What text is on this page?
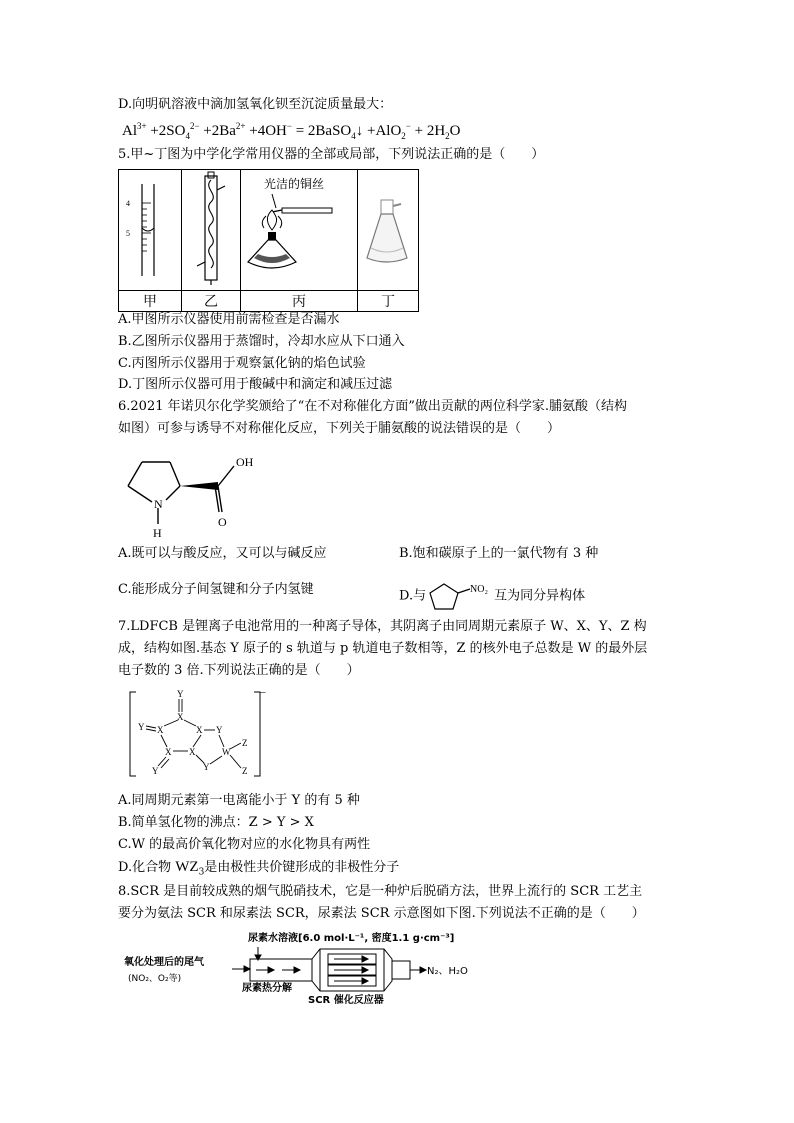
D.向明矾溶液中滴加氢氧化钡至沉淀质量最大：
$Al^{3+} +2SO_4^{2-} +2Ba^{2+} +4OH^-$ = 2BaSO$_4$↓ $+AlO_2^- + 2H_2O$
5.甲~丁图为中学化学常用仪器的全部或局部，下列说法正确的是（　　）
4
5		光洁的铜丝

甲	乙	丙	丁
A.甲图所示仪器使用前需检查是否漏水
B.乙图所示仪器用于蒸馏时，冷却水应从下口通入
C.丙图所示仪器用于观察氯化钠的焰色试验
D.丁图所示仪器可用于酸碱中和滴定和减压过滤
6.2021 年诺贝尔化学奖颁给了“在不对称催化方面”做出贡献的两位科学家.脯氨酸（结构
如图）可参与诱导不对称催化反应，下列关于脯氨酸的说法错误的是（　　）
OH
N
H
O
A.既可以与酸反应，又可以与碱反应	B.饱和碳原子上的一氯代物有 3 种
C.能形成分子间氢键和分子内氢键	D.与	NO₂ 互为同分异构体
7.LDFCB 是锂离子电池常用的一种离子导体，其阴离子由同周期元素原子 W、X、Y、Z 构
成，结构如图.基态 Y 原子的 s 轨道与 p 轨道电子数相等，Z 的核外电子总数是 W 的最外层
电子数的 3 倍.下列说法正确的是（　　）
−
Y
X
Y X	X Y
X X	W
Z
Z
Y
Y
A.同周期元素第一电离能小于 Y 的有 5 种
B.简单氢化物的沸点：Z > Y > X
C.W 的最高价氧化物对应的水化物具有两性
D.化合物 $WZ_3$是由极性共价键形成的非极性分子
8.SCR 是目前较成熟的烟气脱硝技术，它是一种炉后脱硝方法，世界上流行的 SCR 工艺主
要分为氨法 SCR 和尿素法 SCR，尿素法 SCR 示意图如下图.下列说法不正确的是（　　）
氧化处理后的尾气
(NO₂、O₂等)
尿素水溶液[6.0 mol·L⁻¹, 密度1.1 g·cm⁻³]
尿素热分解
SCR 催化反应器
N₂、H₂O
